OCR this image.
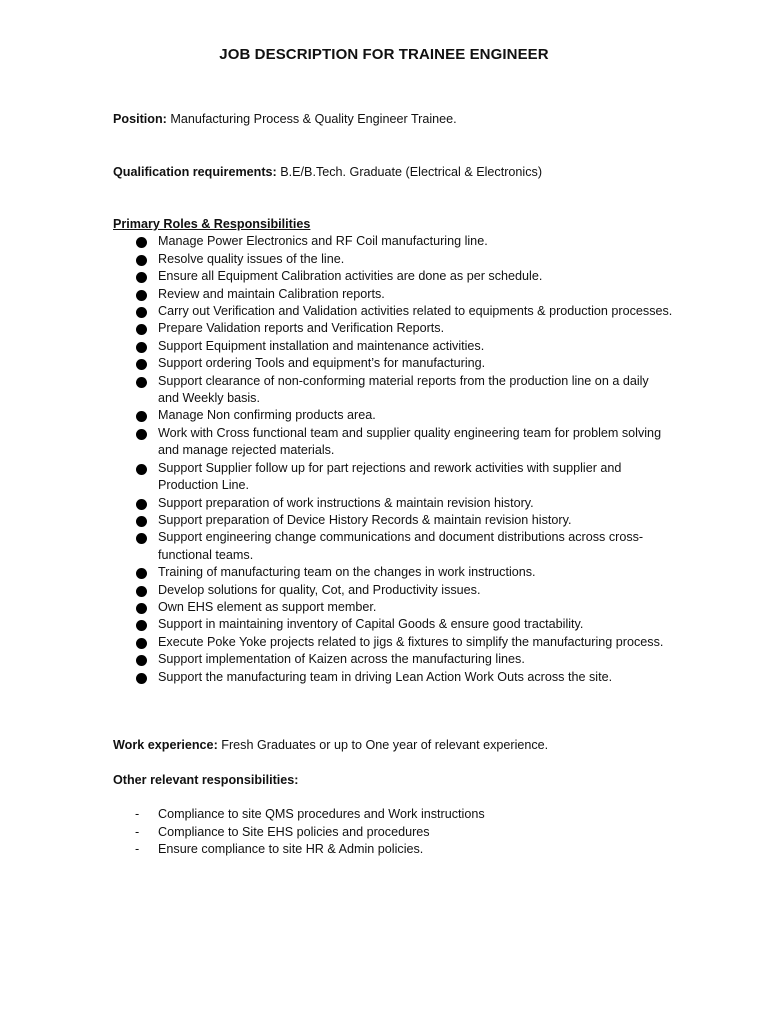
JOB DESCRIPTION FOR TRAINEE ENGINEER
Position: Manufacturing Process & Quality Engineer Trainee.
Qualification requirements: B.E/B.Tech. Graduate (Electrical & Electronics)
Primary Roles & Responsibilities
Manage Power Electronics and RF Coil manufacturing line.
Resolve quality issues of the line.
Ensure all Equipment Calibration activities are done as per schedule.
Review and maintain Calibration reports.
Carry out Verification and Validation activities related to equipments & production processes.
Prepare Validation reports and Verification Reports.
Support Equipment installation and maintenance activities.
Support ordering Tools and equipment’s for manufacturing.
Support clearance of non-conforming material reports from the production line on a daily and Weekly basis.
Manage Non confirming products area.
Work with Cross functional team and supplier quality engineering team for problem solving and manage rejected materials.
Support Supplier follow up for part rejections and rework activities with supplier and Production Line.
Support preparation of work instructions & maintain revision history.
Support preparation of Device History Records & maintain revision history.
Support engineering change communications and document distributions across cross-functional teams.
Training of manufacturing team on the changes in work instructions.
Develop solutions for quality, Cot, and Productivity issues.
Own EHS element as support member.
Support in maintaining inventory of Capital Goods & ensure good tractability.
Execute Poke Yoke projects related to jigs & fixtures to simplify the manufacturing process.
Support implementation of Kaizen across the manufacturing lines.
Support the manufacturing team in driving Lean Action Work Outs across the site.
Work experience: Fresh Graduates or up to One year of relevant experience.
Other relevant responsibilities:
- Compliance to site QMS procedures and Work instructions
- Compliance to Site EHS policies and procedures
- Ensure compliance to site HR & Admin policies.
